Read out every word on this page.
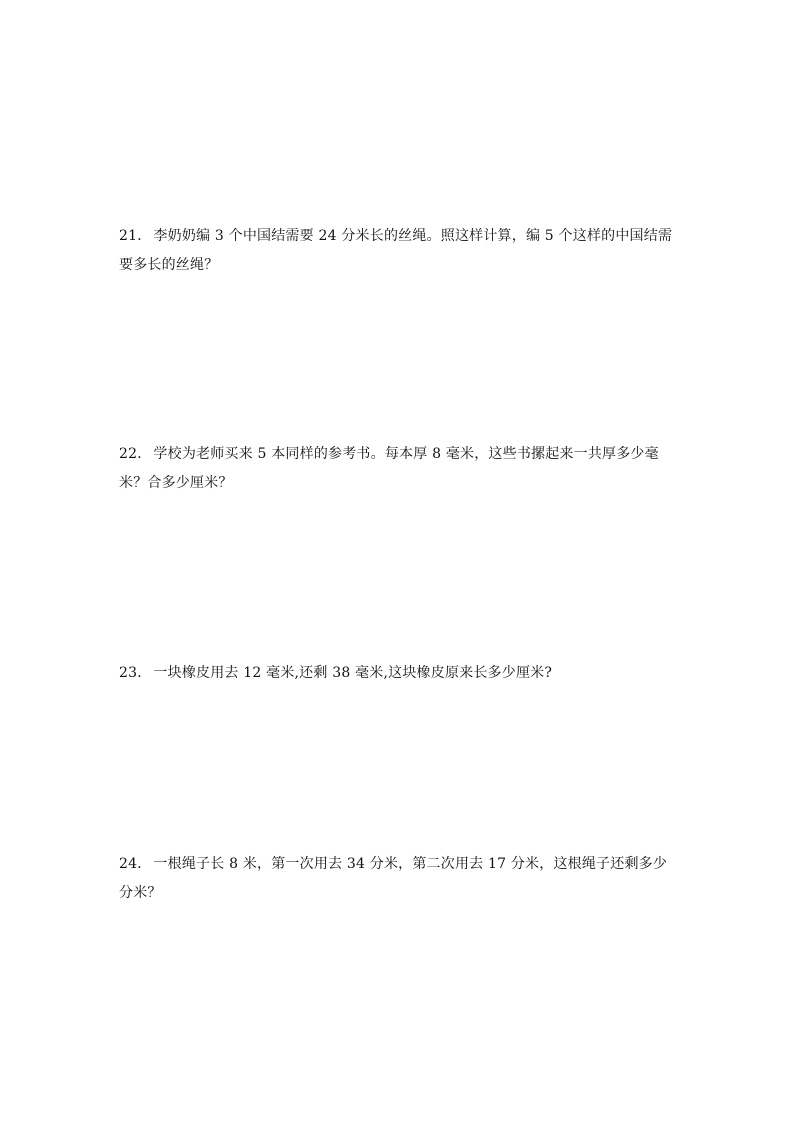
21． 李奶奶编 3 个中国结需要 24 分米长的丝绳。照这样计算，编 5 个这样的中国结需要多长的丝绳？
22． 学校为老师买来 5 本同样的参考书。每本厚 8 毫米，这些书摞起来一共厚多少毫米？合多少厘米？
23． 一块橡皮用去 12 毫米,还剩 38 毫米,这块橡皮原来长多少厘米?
24． 一根绳子长 8 米，第一次用去 34 分米，第二次用去 17 分米，这根绳子还剩多少分米？
